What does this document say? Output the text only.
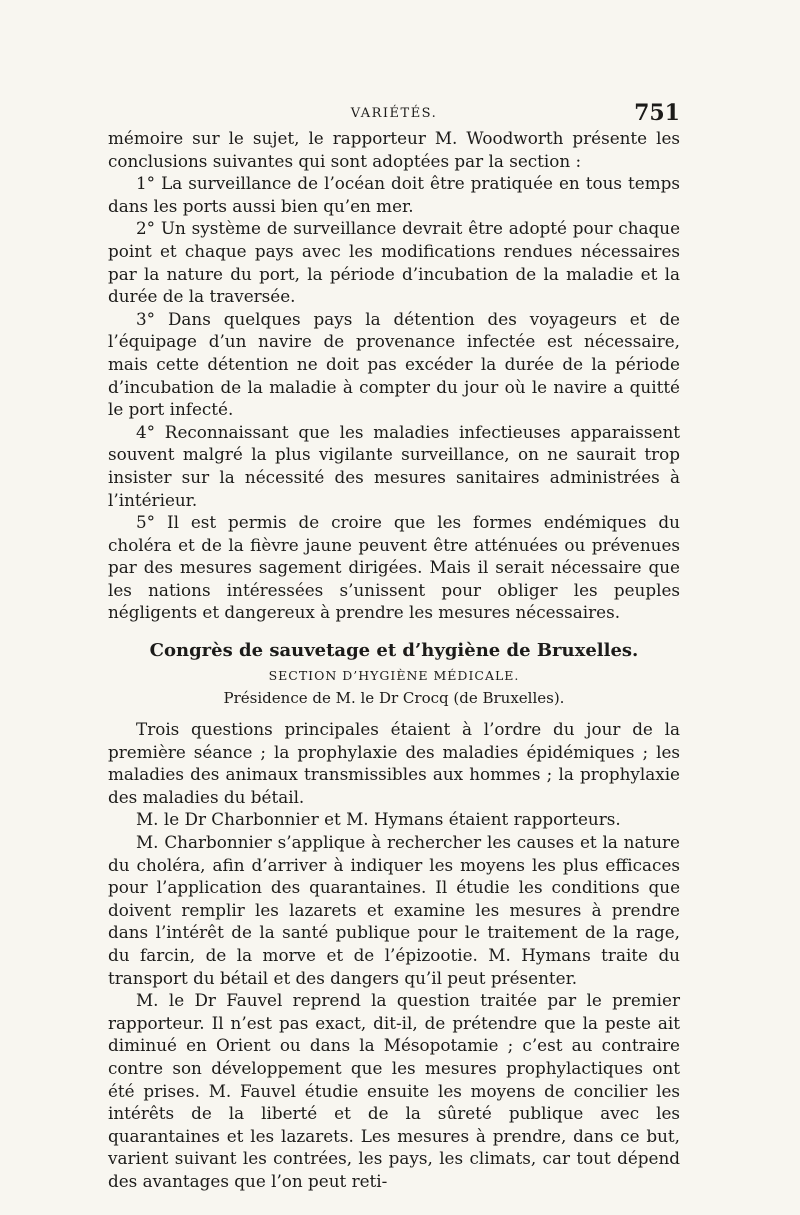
VARIÉTÉS.	751

mémoire sur le sujet, le rapporteur M. Woodworth présente les conclusions suivantes qui sont adoptées par la section :

1° La surveillance de l’océan doit être pratiquée en tous temps dans les ports aussi bien qu’en mer.

2° Un système de surveillance devrait être adopté pour chaque point et chaque pays avec les modifications rendues nécessaires par la nature du port, la période d’incubation de la maladie et la durée de la traversée.

3° Dans quelques pays la détention des voyageurs et de l’équipage d’un navire de provenance infectée est nécessaire, mais cette détention ne doit pas excéder la durée de la période d’incubation de la maladie à compter du jour où le navire a quitté le port infecté.

4° Reconnaissant que les maladies infectieuses apparaissent souvent malgré la plus vigilante surveillance, on ne saurait trop insister sur la nécessité des mesures sanitaires administrées à l’intérieur.

5° Il est permis de croire que les formes endémiques du choléra et de la fièvre jaune peuvent être atténuées ou prévenues par des mesures sagement dirigées. Mais il serait nécessaire que les nations intéressées s’unissent pour obliger les peuples négligents et dangereux à prendre les mesures nécessaires.

Congrès de sauvetage et d’hygiène de Bruxelles.
SECTION D’HYGIÈNE MÉDICALE.
Présidence de M. le Dr Crocq (de Bruxelles).

Trois questions principales étaient à l’ordre du jour de la première séance ; la prophylaxie des maladies épidémiques ; les maladies des animaux transmissibles aux hommes ; la prophylaxie des maladies du bétail.

M. le Dr Charbonnier et M. Hymans étaient rapporteurs.

M. Charbonnier s’applique à rechercher les causes et la nature du choléra, afin d’arriver à indiquer les moyens les plus efficaces pour l’application des quarantaines. Il étudie les conditions que doivent remplir les lazarets et examine les mesures à prendre dans l’intérêt de la santé publique pour le traitement de la rage, du farcin, de la morve et de l’épizootie. M. Hymans traite du transport du bétail et des dangers qu’il peut présenter.

M. le Dr Fauvel reprend la question traitée par le premier rapporteur. Il n’est pas exact, dit-il, de prétendre que la peste ait diminué en Orient ou dans la Mésopotamie ; c’est au contraire contre son développement que les mesures prophylactiques ont été prises. M. Fauvel étudie ensuite les moyens de concilier les intérêts de la liberté et de la sûreté publique avec les quarantaines et les lazarets. Les mesures à prendre, dans ce but, varient suivant les contrées, les pays, les climats, car tout dépend des avantages que l’on peut reti-
